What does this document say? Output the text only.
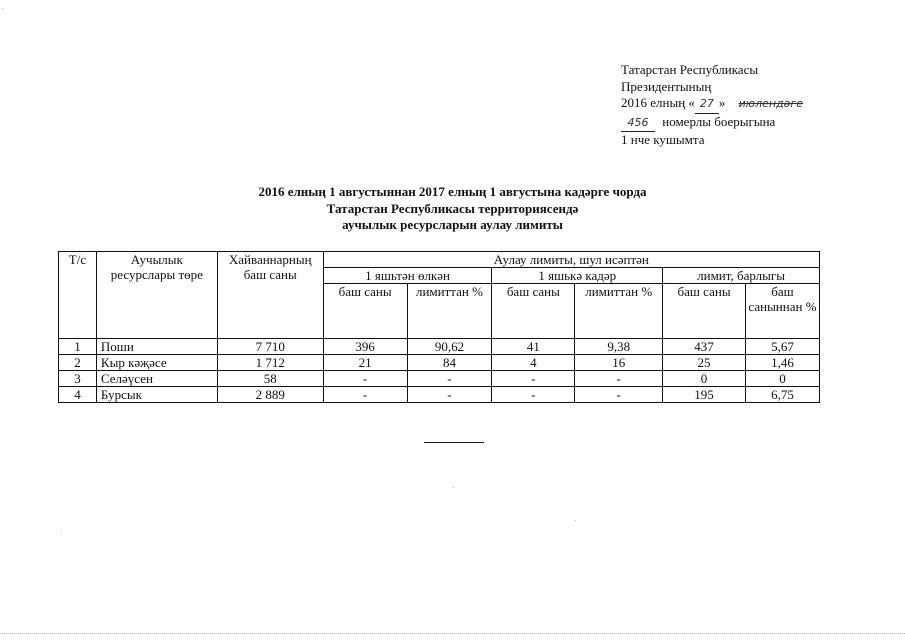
Татарстан Республикасы
Президентының
2016 елның « 27 » июлендәге
456 номерлы боерыгына
1 нче кушымта
2016 елның 1 августыннан 2017 елның 1 августына кадәрге чорда
Татарстан Республикасы территориясендә
аучылык ресурсларын аулау лимиты
Т/с	Аучылык ресурслары төре	Хайваннарның баш саны	Аулау лимиты, шул исәптән					
			1 яшьтән өлкән		1 яшькә кадәр		лимит, барлыгы	
			баш саны	лимиттан %	баш саны	лимиттан %	баш саны	баш саныннан %
1	Поши	7 710	396	90,62	41	9,38	437	5,67
2	Кыр кәҗәсе	1 712	21	84	4	16	25	1,46
3	Селәүсен	58	-	-	-	-	0	0
4	Бурсык	2 889	-	-	-	-	195	6,75
